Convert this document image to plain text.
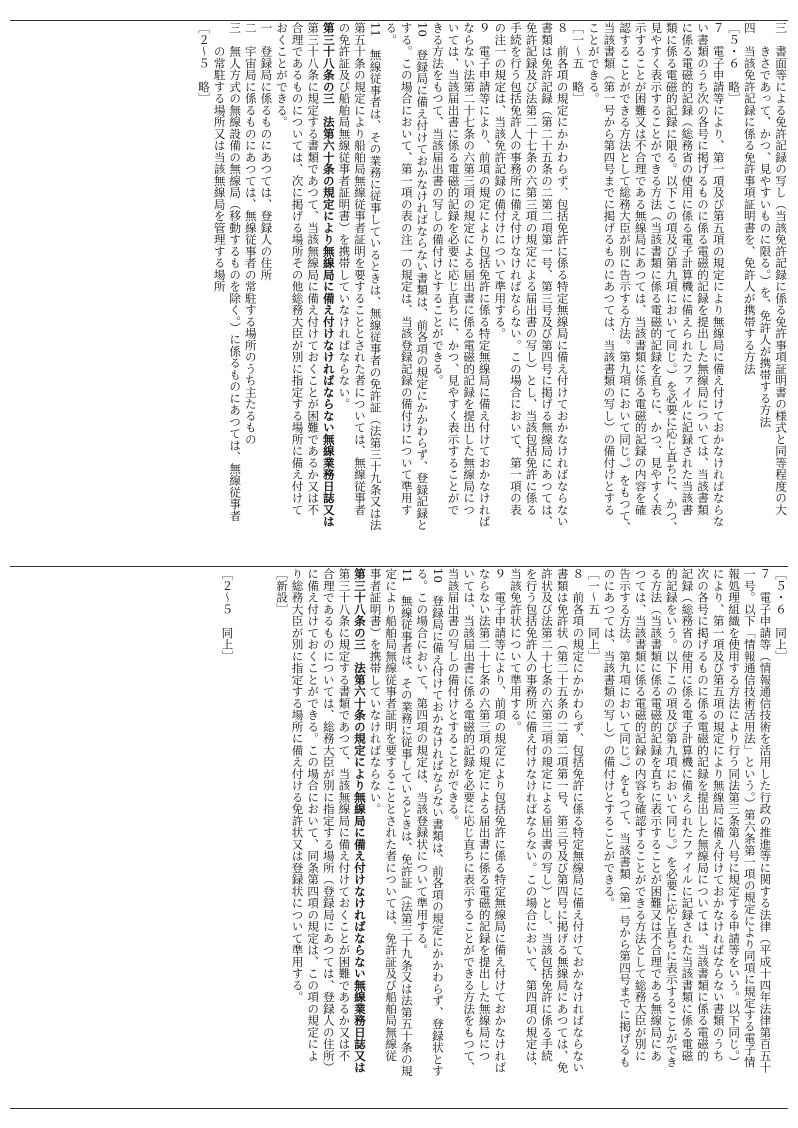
三　書面等による免許記録の写し（当該免許記録に係る免許事項証明書の様式と同等程度の大
　　きさであって、かつ、見やすいものに限る。）を、免許人が携帯する方法
四　当該免許記録に係る免許事項証明書を、免許人が携帯する方法
［５・６　略］
７　電子申請等により、第一項及び第五項の規定により無線局に備え付けておかなければならな
い書類のうち次の各号に掲げるものに係る電磁的記録を提出した無線局については、当該書類
に係る電磁的記録（総務省の使用に係る電子計算機に備えられたファイルに記録された当該書
類に係る電磁的記録に限る。以下この項及び第九項において同じ。）を必要に応じ直ちに、かつ、
見やすく表示することができる方法（当該書類に係る電磁的記録を直ちに、かつ、見やすく表
示することが困難又は不合理である無線局にあつては、当該書類に係る電磁的記録の内容を確
認することができる方法として総務大臣が別に告示する方法。第九項において同じ。）をもつて、
当該書類（第一号から第四号までに掲げるものにあつては、当該書類の写し）の備付けとする
ことができる。
［一～五　略］
８　前各項の規定にかかわらず、包括免許に係る特定無線局に備え付けておかなければならない
書類は免許記録（第二十五条の二第二項第一号、第三号及び第四号に掲げる無線局にあつては、
免許記録及び法第二十七条の六第三項の規定による届出書の写し）とし、当該包括免許に係る
手続を行う包括免許人の事務所に備え付けなければならない。この場合において、第一項の表
の注一の規定は、当該免許記録の備付けについて準用する。
９　電子申請等により、前項の規定により包括免許に係る特定無線局に備え付けておかなければ
ならない法第二十七条の六第三項の規定による届出書に係る電磁的記録を提出した無線局につ
いては、当該届出書に係る電磁的記録を必要に応じ直ちに、かつ、見やすく表示することがで
きる方法をもつて、当該届出書の写しの備付けとすることができる。
10　登録局に備え付けておかなければならない書類は、前各項の規定にかかわらず、登録記録と
する。この場合において、第一項の表の注一の規定は、当該登録記録の備付けについて準用す
る。
11　無線従事者は、その業務に従事しているときは、無線従事者の免許証（法第三十九条又は法
第五十条の規定により船舶局無線従事者証明を要することとされた者については、無線従事者
の免許証及び船舶局無線従事者証明書）を携帯していなければならない。
第三十八条の三　法第六十条の規定により無線局に備え付けなければならない無線業務日誌又は
第三十八条に規定する書類であつて、当該無線局に備え付けておくことが困難であるか又は不
合理であるものについては、次に掲げる場所その他総務大臣が別に指定する場所に備え付けて
おくことができる。
一　登録局に係るものにあつては、登録人の住所
二　宇宙局に係るものにあつては、無線従事者の常駐する場所のうち主たるもの
三　無人方式の無線設備の無線局（移動するものを除く。）に係るものにあつては、無線従事者
　　の常駐する場所又は当該無線局を管理する場所
［２～５　略］
［５・６　同上］
７　電子申請等（情報通信技術を活用した行政の推進等に関する法律（平成十四年法律第百五十
一号。以下「情報通信技術活用法」という。）第六条第一項の規定により同項に規定する電子情
報処理組織を使用する方法により行う同法第三条第八号に規定する申請等をいう。以下同じ。）
により、第一項及び第五項の規定により無線局に備え付けておかなければならない書類のうち
次の各号に掲げるものに係る電磁的記録を提出した無線局については、当該書類に係る電磁的
記録（総務省の使用に係る電子計算機に備えられたファイルに記録された当該書類に係る電磁
的記録をいう。以下この項及び第九項において同じ。）を必要に応じ直ちに表示することができ
る方法（当該書類に係る電磁的記録を直ちに表示することが困難又は不合理である無線局にあ
つては、当該書類に係る電磁的記録の内容を確認することができる方法として総務大臣が別に
告示する方法。第九項において同じ。）をもつて、当該書類（第一号から第四号までに掲げるも
のにあつては、当該書類の写し）の備付けとすることができる。
［一～五　同上］
８　前各項の規定にかかわらず、包括免許に係る特定無線局に備え付けておかなければならない
書類は免許状（第二十五条の二第二項第一号、第三号及び第四号に掲げる無線局にあつては、免
許状及び法第二十七条の六第三項の規定による届出書の写し）とし、当該包括免許に係る手続
を行う包括免許人の事務所に備え付けなければならない。この場合において、第四項の規定は、
当該免許状について準用する。
９　電子申請等により、前項の規定により包括免許に係る特定無線局に備え付けておかなければ
ならない法第二十七条の六第三項の規定による届出書に係る電磁的記録を提出した無線局につ
いては、当該届出書に係る電磁的記録を必要に応じ直ちに表示することができる方法をもつて、
当該届出書の写しの備付けとすることができる。
10　登録局に備え付けておかなければならない書類は、前各項の規定にかかわらず、登録状とす
る。この場合において、第四項の規定は、当該登録状について準用する。
11　無線従事者は、その業務に従事しているときは、免許証（法第三十九条又は法第五十条の規
定により船舶局無線従事者証明を要することとされた者については、免許証及び船舶局無線従
事者証明書）を携帯していなければならない。
第三十八条の三　法第六十条の規定により無線局に備え付けなければならない無線業務日誌又は
第三十八条に規定する書類であつて、当該無線局に備え付けておくことが困難であるか又は不
合理であるものについては、総務大臣が別に指定する場所（登録局にあつては、登録人の住所）
に備え付けておくことができる。この場合において、同条第四項の規定は、この項の規定によ
り総務大臣が別に指定する場所に備え付ける免許状又は登録状について準用する。
［新設］
［２～５　同上］
